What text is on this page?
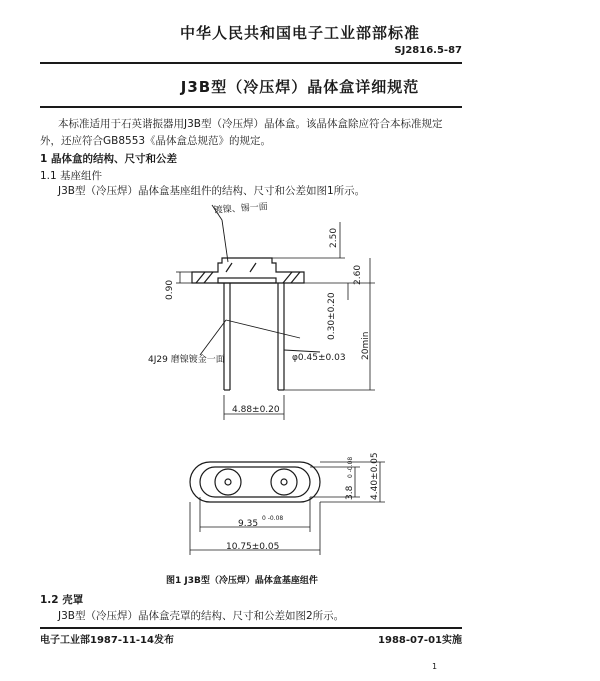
中华人民共和国电子工业部部标准
SJ2816.5-87
J3B型（冷压焊）晶体盒详细规范
本标准适用于石英谐振器用J3B型（冷压焊）晶体盒。该晶体盒除应符合本标准规定
外，还应符合GB8553《晶体盒总规范》的规定。
1 晶体盒的结构、尺寸和公差
1.1 基座组件
J3B型（冷压焊）晶体盒基座组件的结构、尺寸和公差如图1所示。
镀镍、锡一面
4J29 磨镍镀金一面
0.90
2.50
2.60
0.30±0.20
φ0.45±0.03 20min
4.88±0.20
3.8
0 -0.08 4.40±0.05
9.35
0 -0.08
10.75±0.05
图1 J3B型（冷压焊）晶体盒基座组件
1.2 壳罩
J3B型（冷压焊）晶体盒壳罩的结构、尺寸和公差如图2所示。
电子工业部1987-11-14发布	1988-07-01实施
1
